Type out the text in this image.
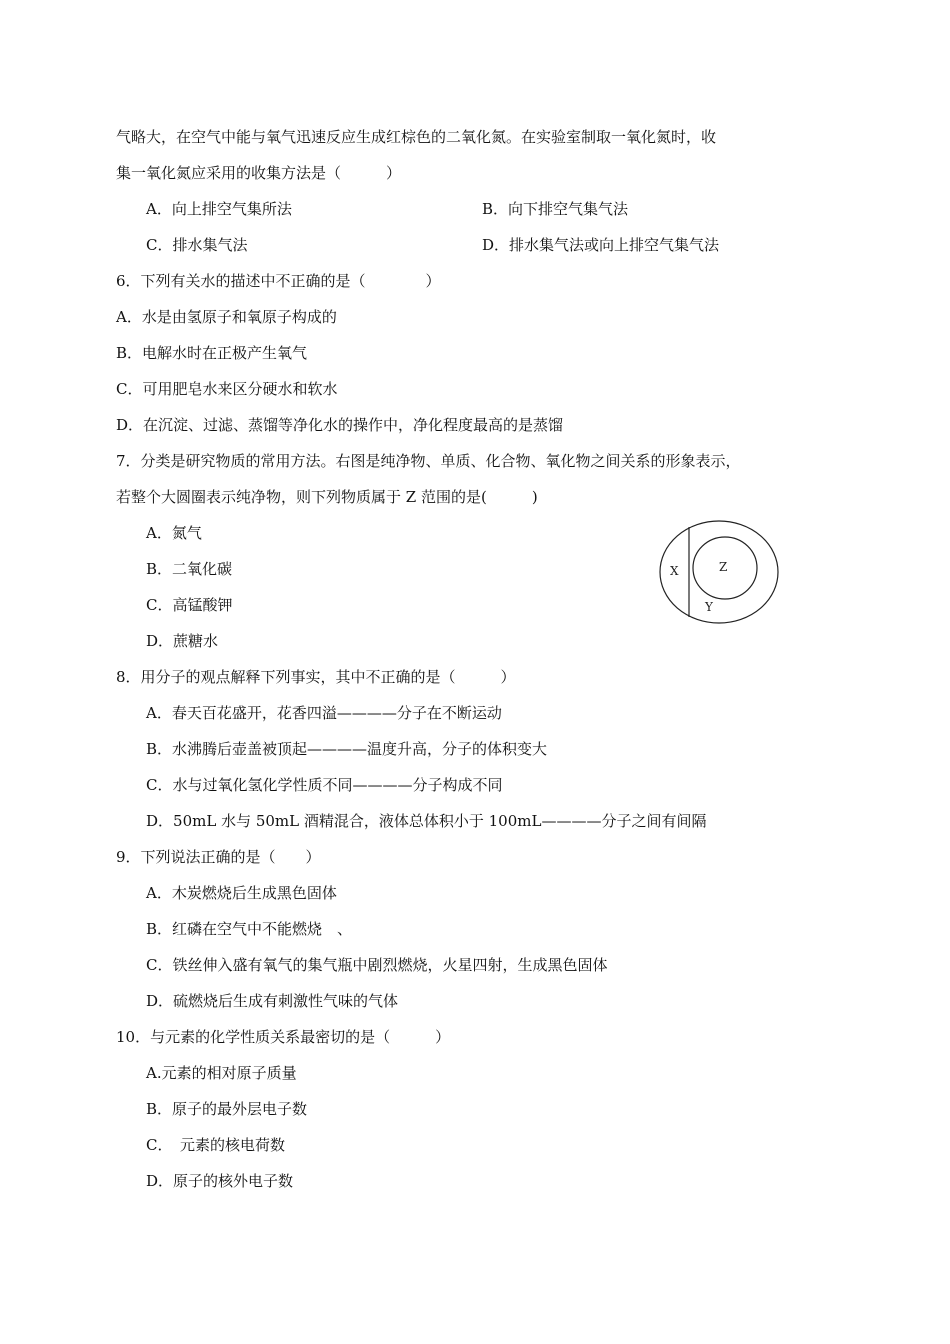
气略大，在空气中能与氧气迅速反应生成红棕色的二氧化氮。在实验室制取一氧化氮时，收
集一氧化氮应采用的收集方法是（　　　）
A．向上排空气集所法	B．向下排空气集气法
C．排水集气法	D．排水集气法或向上排空气集气法
6．下列有关水的描述中不正确的是（　　　　）
A．水是由氢原子和氧原子构成的
B．电解水时在正极产生氧气
C．可用肥皂水来区分硬水和软水
D．在沉淀、过滤、蒸馏等净化水的操作中，净化程度最高的是蒸馏
7．分类是研究物质的常用方法。右图是纯净物、单质、化合物、氧化物之间关系的形象表示，
若整个大圆圈表示纯净物，则下列物质属于 Z 范围的是(　　　)
A．氮气
B．二氧化碳
C．高锰酸钾
D．蔗糖水
X	Z
Y
8．用分子的观点解释下列事实，其中不正确的是（　　　）
A．春天百花盛开，花香四溢————分子在不断运动
B．水沸腾后壶盖被顶起————温度升高，分子的体积变大
C．水与过氧化氢化学性质不同————分子构成不同
D．50mL 水与 50mL 酒精混合，液体总体积小于 100mL————分子之间有间隔
9．下列说法正确的是（　　）
A．木炭燃烧后生成黑色固体
B．红磷在空气中不能燃烧　、
C．铁丝伸入盛有氧气的集气瓶中剧烈燃烧，火星四射，生成黑色固体
D．硫燃烧后生成有刺激性气味的气体
10．与元素的化学性质关系最密切的是（　　　）
A.元素的相对原子质量
B．原子的最外层电子数
C．　元素的核电荷数
D．原子的核外电子数
